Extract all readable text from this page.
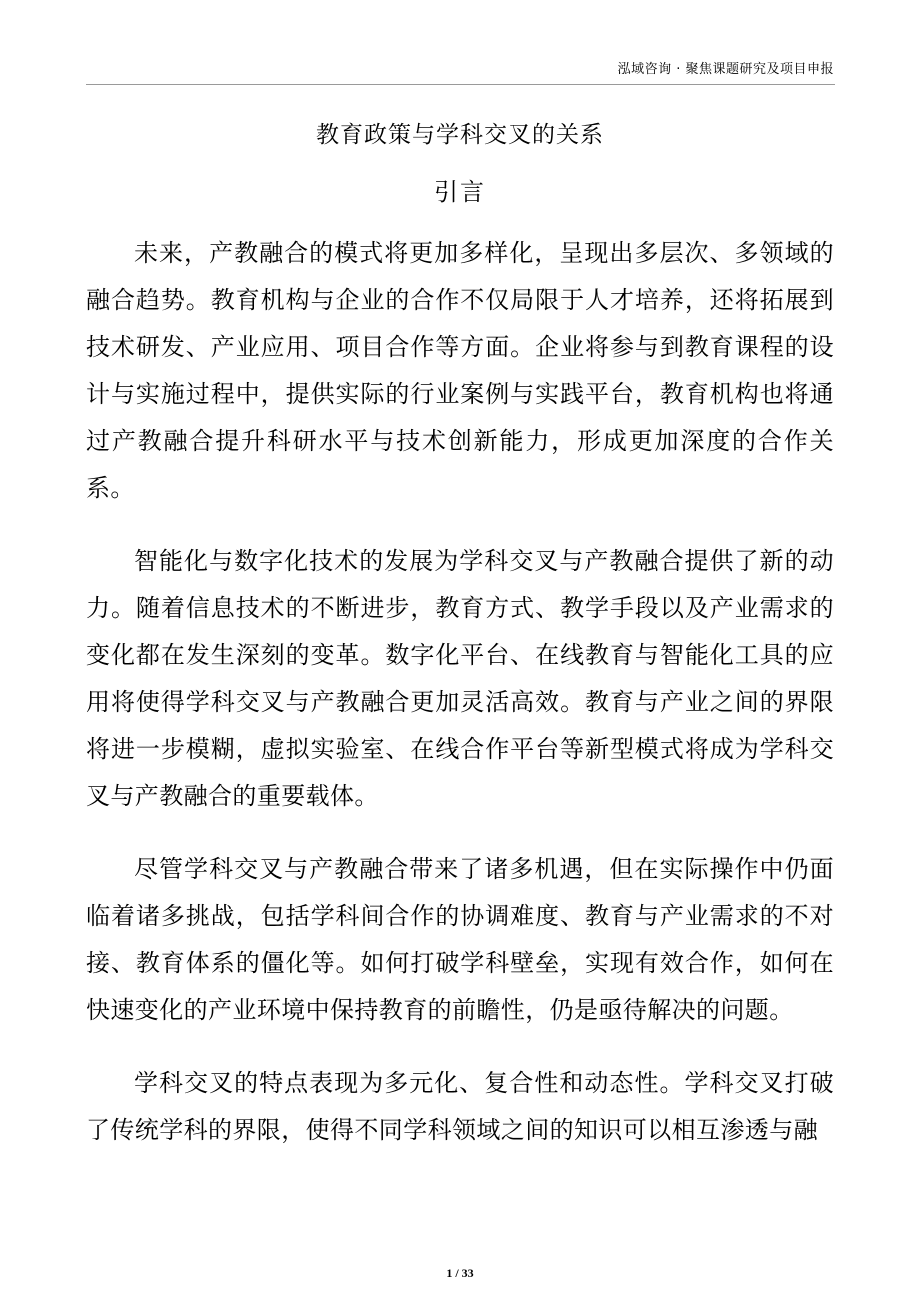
泓域咨询 · 聚焦课题研究及项目申报
教育政策与学科交叉的关系
引言

未来，产教融合的模式将更加多样化，呈现出多层次、多领域的融合趋势。教育机构与企业的合作不仅局限于人才培养，还将拓展到技术研发、产业应用、项目合作等方面。企业将参与到教育课程的设计与实施过程中，提供实际的行业案例与实践平台，教育机构也将通过产教融合提升科研水平与技术创新能力，形成更加深度的合作关系。

智能化与数字化技术的发展为学科交叉与产教融合提供了新的动力。随着信息技术的不断进步，教育方式、教学手段以及产业需求的变化都在发生深刻的变革。数字化平台、在线教育与智能化工具的应用将使得学科交叉与产教融合更加灵活高效。教育与产业之间的界限将进一步模糊，虚拟实验室、在线合作平台等新型模式将成为学科交叉与产教融合的重要载体。

尽管学科交叉与产教融合带来了诸多机遇，但在实际操作中仍面临着诸多挑战，包括学科间合作的协调难度、教育与产业需求的不对接、教育体系的僵化等。如何打破学科壁垒，实现有效合作，如何在快速变化的产业环境中保持教育的前瞻性，仍是亟待解决的问题。

学科交叉的特点表现为多元化、复合性和动态性。学科交叉打破了传统学科的界限，使得不同学科领域之间的知识可以相互渗透与融

1 / 33
